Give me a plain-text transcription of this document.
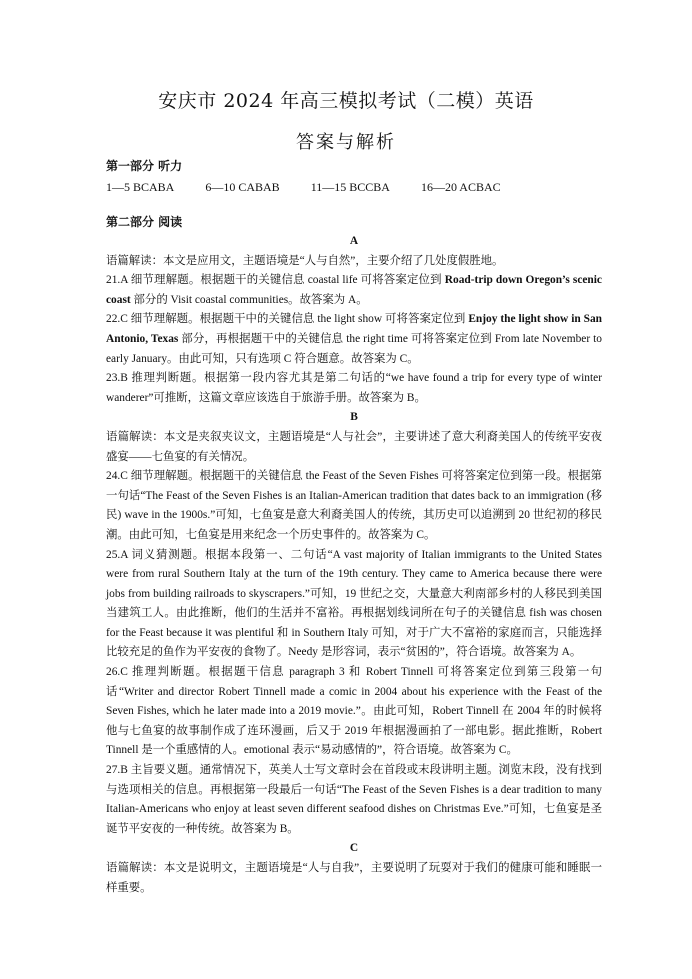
安庆市 2024 年高三模拟考试（二模）英语
答案与解析
第一部分 听力
1—5 BCABA	6—10 CABAB	11—15 BCCBA	16—20 ACBAC
第二部分 阅读

A

语篇解读：本文是应用文，主题语境是“人与自然”，主要介绍了几处度假胜地。

21.A 细节理解题。根据题干的关键信息 coastal life 可将答案定位到 Road-trip down Oregon’s scenic coast 部分的 Visit coastal communities。故答案为 A。

22.C 细节理解题。根据题干中的关键信息 the light show 可将答案定位到 Enjoy the light show in San Antonio, Texas 部分，再根据题干中的关键信息 the right time 可将答案定位到 From late November to early January。由此可知，只有选项 C 符合题意。故答案为 C。

23.B 推理判断题。根据第一段内容尤其是第二句话的“we have found a trip for every type of winter wanderer”可推断，这篇文章应该选自于旅游手册。故答案为 B。

B

语篇解读：本文是夹叙夹议文，主题语境是“人与社会”，主要讲述了意大利裔美国人的传统平安夜盛宴——七鱼宴的有关情况。

24.C 细节理解题。根据题干的关键信息 the Feast of the Seven Fishes 可将答案定位到第一段。根据第一句话“The Feast of the Seven Fishes is an Italian-American tradition that dates back to an immigration (移民) wave in the 1900s.”可知，七鱼宴是意大利裔美国人的传统，其历史可以追溯到 20 世纪初的移民潮。由此可知，七鱼宴是用来纪念一个历史事件的。故答案为 C。

25.A 词义猜测题。根据本段第一、二句话“A vast majority of Italian immigrants to the United States were from rural Southern Italy at the turn of the 19th century. They came to America because there were jobs from building railroads to skyscrapers.”可知，19 世纪之交，大量意大利南部乡村的人移民到美国当建筑工人。由此推断，他们的生活并不富裕。再根据划线词所在句子的关键信息 fish was chosen for the Feast because it was plentiful 和 in Southern Italy 可知，对于广大不富裕的家庭而言，只能选择比较充足的鱼作为平安夜的食物了。Needy 是形容词，表示“贫困的”，符合语境。故答案为 A。

26.C 推理判断题。根据题干信息 paragraph 3 和 Robert Tinnell 可将答案定位到第三段第一句话“Writer and director Robert Tinnell made a comic in 2004 about his experience with the Feast of the Seven Fishes, which he later made into a 2019 movie.”。由此可知，Robert Tinnell 在 2004 年的时候将他与七鱼宴的故事制作成了连环漫画，后又于 2019 年根据漫画拍了一部电影。据此推断，Robert Tinnell 是一个重感情的人。emotional 表示“易动感情的”，符合语境。故答案为 C。

27.B 主旨要义题。通常情况下，英美人士写文章时会在首段或末段讲明主题。浏览末段，没有找到与选项相关的信息。再根据第一段最后一句话“The Feast of the Seven Fishes is a dear tradition to many Italian-Americans who enjoy at least seven different seafood dishes on Christmas Eve.”可知，七鱼宴是圣诞节平安夜的一种传统。故答案为 B。

C

语篇解读：本文是说明文，主题语境是“人与自我”，主要说明了玩耍对于我们的健康可能和睡眠一样重要。
